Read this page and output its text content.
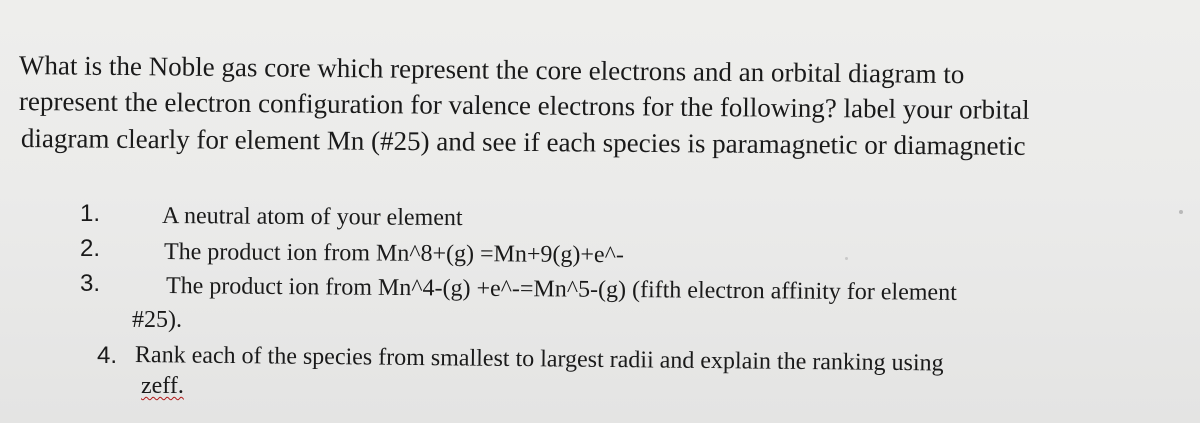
What is the Noble gas core which represent the core electrons and an orbital diagram to
represent the electron configuration for valence electrons for the following? label your orbital
diagram clearly for element Mn (#25) and see if each species is paramagnetic or diamagnetic
1.	A neutral atom of your element
2.	The product ion from Mn^8+(g) =Mn+9(g)+e^-
3.	The product ion from Mn^4-(g) +e^-=Mn^5-(g) (fifth electron affinity for element
#25).
4. Rank each of the species from smallest to largest radii and explain the ranking using
zeff.
